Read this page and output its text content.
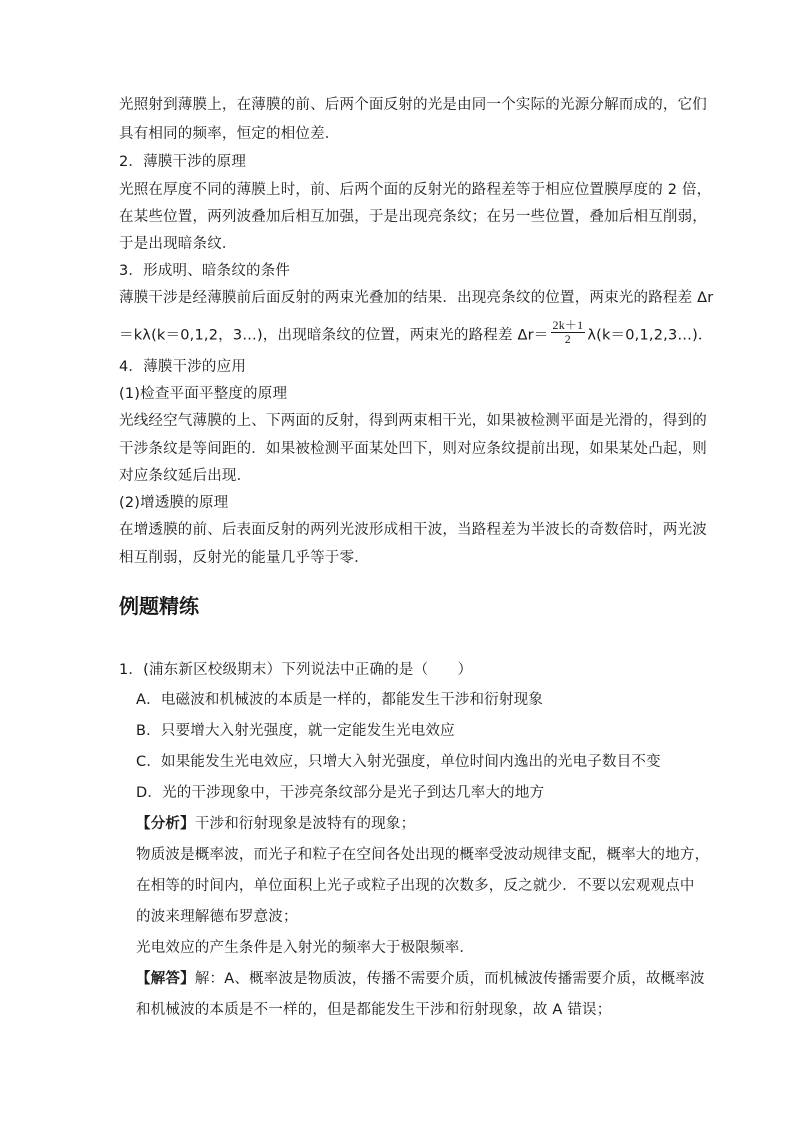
光照射到薄膜上，在薄膜的前、后两个面反射的光是由同一个实际的光源分解而成的，它们
具有相同的频率，恒定的相位差．
2．薄膜干涉的原理
光照在厚度不同的薄膜上时，前、后两个面的反射光的路程差等于相应位置膜厚度的 2 倍，
在某些位置，两列波叠加后相互加强，于是出现亮条纹；在另一些位置，叠加后相互削弱，
于是出现暗条纹．
3．形成明、暗条纹的条件
薄膜干涉是经薄膜前后面反射的两束光叠加的结果．出现亮条纹的位置，两束光的路程差 Δr
＝kλ(k＝0,1,2，3…)，出现暗条纹的位置，两束光的路程差 $\Delta r= \frac{2k+1}{2}$ λ(k＝0,1,2,3…)．
4．薄膜干涉的应用
(1)检查平面平整度的原理
光线经空气薄膜的上、下两面的反射，得到两束相干光，如果被检测平面是光滑的，得到的
干涉条纹是等间距的．如果被检测平面某处凹下，则对应条纹提前出现，如果某处凸起，则
对应条纹延后出现．
(2)增透膜的原理
在增透膜的前、后表面反射的两列光波形成相干波，当路程差为半波长的奇数倍时，两光波
相互削弱，反射光的能量几乎等于零．
例题精练
1．(浦东新区校级期末）下列说法中正确的是（　　）
A．电磁波和机械波的本质是一样的，都能发生干涉和衍射现象
B．只要增大入射光强度，就一定能发生光电效应
C．如果能发生光电效应，只增大入射光强度，单位时间内逸出的光电子数目不变
D．光的干涉现象中，干涉亮条纹部分是光子到达几率大的地方
【分析】干涉和衍射现象是波特有的现象；
物质波是概率波，而光子和粒子在空间各处出现的概率受波动规律支配，概率大的地方，
在相等的时间内，单位面积上光子或粒子出现的次数多，反之就少．不要以宏观观点中
的波来理解德布罗意波；
光电效应的产生条件是入射光的频率大于极限频率．
【解答】解：A、概率波是物质波，传播不需要介质，而机械波传播需要介质，故概率波
和机械波的本质是不一样的，但是都能发生干涉和衍射现象，故 A 错误；
